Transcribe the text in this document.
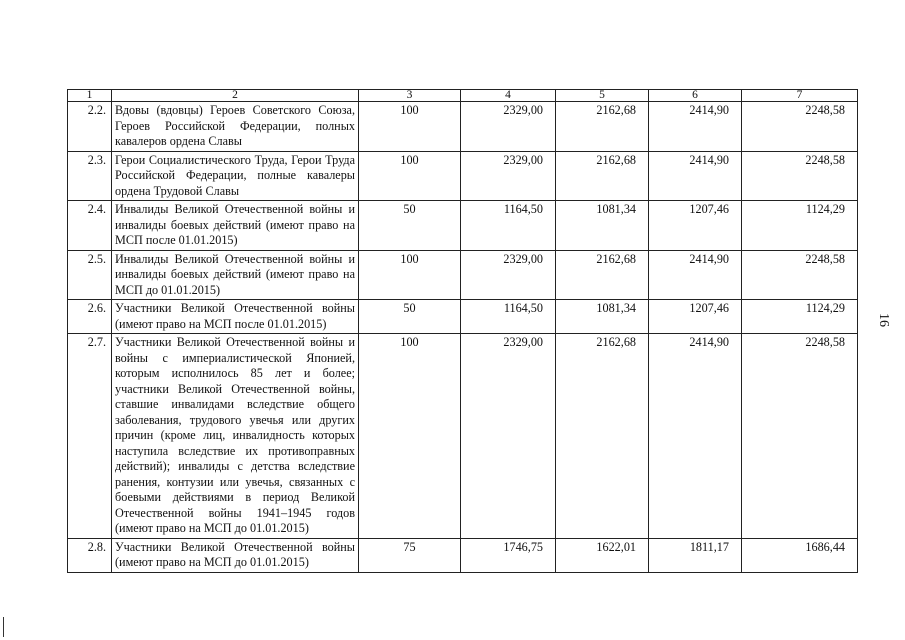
1	2	3	4	5	6	7
2.2.	Вдовы (вдовцы) Героев Советского Союза, Героев Российской Федерации, полных кавалеров ордена Славы	100	2329,00	2162,68	2414,90	2248,58
2.3.	Герои Социалистического Труда, Герои Труда Российской Федерации, полные кавалеры ордена Трудовой Славы	100	2329,00	2162,68	2414,90	2248,58
2.4.	Инвалиды Великой Отечественной войны и инвалиды боевых действий (имеют право на МСП после 01.01.2015)	50	1164,50	1081,34	1207,46	1124,29
2.5.	Инвалиды Великой Отечественной войны и инвалиды боевых действий (имеют право на МСП до 01.01.2015)	100	2329,00	2162,68	2414,90	2248,58
2.6.	Участники Великой Отечественной войны (имеют право на МСП после 01.01.2015)	50	1164,50	1081,34	1207,46	1124,29
2.7.	Участники Великой Отечественной войны и войны с империалистической Японией, которым исполнилось 85 лет и более; участники Великой Отечественной войны, ставшие инвалидами вследствие общего заболевания, трудового увечья или других причин (кроме лиц, инвалидность которых наступила вследствие их противоправных действий); инвалиды с детства вследствие ранения, контузии или увечья, связанных с боевыми действиями в период Великой Отечественной войны 1941–1945 годов (имеют право на МСП до 01.01.2015)	100	2329,00	2162,68	2414,90	2248,58
2.8.	Участники Великой Отечественной войны (имеют право на МСП до 01.01.2015)	75	1746,75	1622,01	1811,17	1686,44
16
